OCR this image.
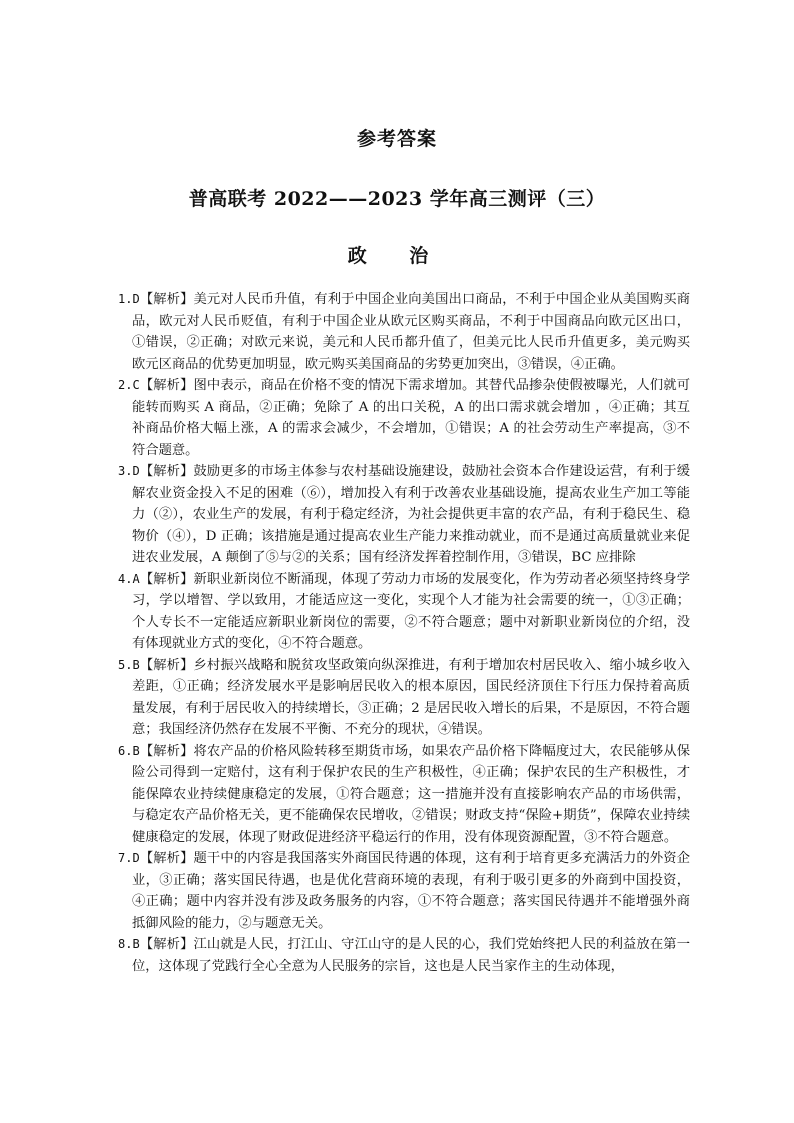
参考答案
普高联考 2022——2023 学年高三测评（三）
政 治

1.D【解析】美元对人民币升值，有利于中国企业向美国出口商品，不利于中国企业从美国购买商品，欧元对人民币贬值，有利于中国企业从欧元区购买商品，不利于中国商品向欧元区出口，①错误，②正确；对欧元来说，美元和人民币都升值了，但美元比人民币升值更多，美元购买欧元区商品的优势更加明显，欧元购买美国商品的劣势更加突出，③错误，④正确。

2.C【解析】图中表示，商品在价格不变的情况下需求增加。其替代品掺杂使假被曝光，人们就可能转而购买 A 商品，②正确；免除了 A 的出口关税，A 的出口需求就会增加 ，④正确；其互补商品价格大幅上涨，A 的需求会减少，不会增加，①错误；A 的社会劳动生产率提高，③不符合题意。

3.D【解析】鼓励更多的市场主体参与农村基础设施建设，鼓励社会资本合作建设运营，有利于缓解农业资金投入不足的困难（⑥），增加投入有利于改善农业基础设施，提高农业生产加工等能力（②），农业生产的发展，有利于稳定经济，为社会提供更丰富的农产品，有利于稳民生、稳物价（④），D 正确；该措施是通过提高农业生产能力来推动就业，而不是通过高质量就业来促进农业发展，A 颠倒了⑤与②的关系；国有经济发挥着控制作用，③错误，BC 应排除

4.A【解析】新职业新岗位不断涌现，体现了劳动力市场的发展变化，作为劳动者必须坚持终身学习，学以增智、学以致用，才能适应这一变化，实现个人才能为社会需要的统一，①③正确；个人专长不一定能适应新职业新岗位的需要，②不符合题意；题中对新职业新岗位的介绍，没有体现就业方式的变化，④不符合题意。

5.B【解析】乡村振兴战略和脱贫攻坚政策向纵深推进，有利于增加农村居民收入、缩小城乡收入差距，①正确；经济发展水平是影响居民收入的根本原因，国民经济顶住下行压力保持着高质量发展，有利于居民收入的持续增长，③正确；2 是居民收入增长的后果，不是原因，不符合题意；我国经济仍然存在发展不平衡、不充分的现状，④错误。

6.B【解析】将农产品的价格风险转移至期货市场，如果农产品价格下降幅度过大，农民能够从保险公司得到一定赔付，这有利于保护农民的生产积极性，④正确；保护农民的生产积极性，才能保障农业持续健康稳定的发展，①符合题意；这一措施并没有直接影响农产品的市场供需，与稳定农产品价格无关，更不能确保农民增收，②错误；财政支持“保险+期货”，保障农业持续健康稳定的发展，体现了财政促进经济平稳运行的作用，没有体现资源配置，③不符合题意。

7.D【解析】题干中的内容是我国落实外商国民待遇的体现，这有利于培育更多充满活力的外资企业，③正确；落实国民待遇，也是优化营商环境的表现，有利于吸引更多的外商到中国投资，④正确；题中内容并没有涉及政务服务的内容，①不符合题意；落实国民待遇并不能增强外商抵御风险的能力，②与题意无关。

8.B【解析】江山就是人民，打江山、守江山守的是人民的心，我们党始终把人民的利益放在第一位，这体现了党践行全心全意为人民服务的宗旨，这也是人民当家作主的生动体现，
